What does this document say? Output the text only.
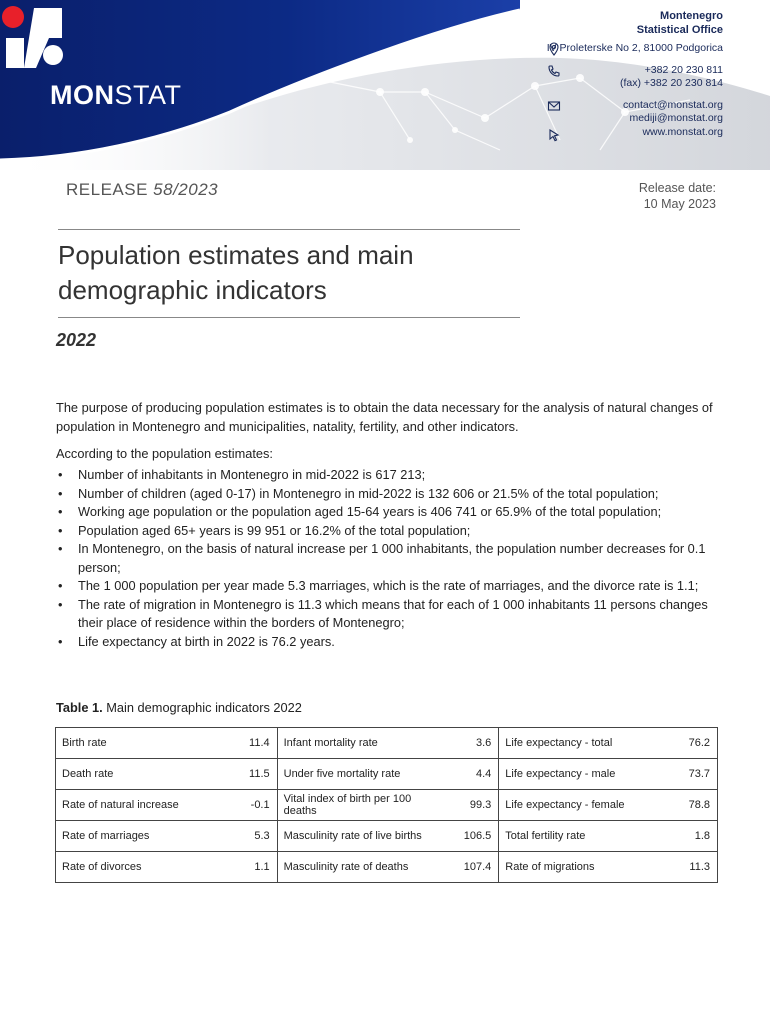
MONSTAT
Montenegro
Statistical Office
IV Proleterske No 2, 81000 Podgorica
+382 20 230 811
(fax) +382 20 230 814
contact@monstat.org
mediji@monstat.org
www.monstat.org
RELEASE 58/2023	Release date:
10 May 2023
Population estimates and main demographic indicators
2022
The purpose of producing population estimates is to obtain the data necessary for the analysis of natural changes of population in Montenegro and municipalities, natality, fertility, and other indicators.
According to the population estimates:
• Number of inhabitants in Montenegro in mid-2022 is 617 213;
• Number of children (aged 0-17) in Montenegro in mid-2022 is 132 606 or 21.5% of the total population;
• Working age population or the population aged 15-64 years is 406 741 or 65.9% of the total population;
• Population aged 65+ years is 99 951 or 16.2% of the total population;
• In Montenegro, on the basis of natural increase per 1 000 inhabitants, the population number decreases for 0.1 person;
• The 1 000 population per year made 5.3 marriages, which is the rate of marriages, and the divorce rate is 1.1;
• The rate of migration in Montenegro is 11.3 which means that for each of 1 000 inhabitants 11 persons changes their place of residence within the borders of Montenegro;
• Life expectancy at birth in 2022 is 76.2 years.
Table 1. Main demographic indicators 2022
Birth rate	11.4	Infant mortality rate	3.6	Life expectancy - total	76.2
Death rate	11.5	Under five mortality rate	4.4	Life expectancy - male	73.7
Rate of natural increase	-0.1	Vital index of birth per 100 deaths	99.3	Life expectancy - female	78.8
Rate of marriages	5.3	Masculinity rate of live births	106.5	Total fertility rate	1.8
Rate of divorces	1.1	Masculinity rate of deaths	107.4	Rate of migrations	11.3
